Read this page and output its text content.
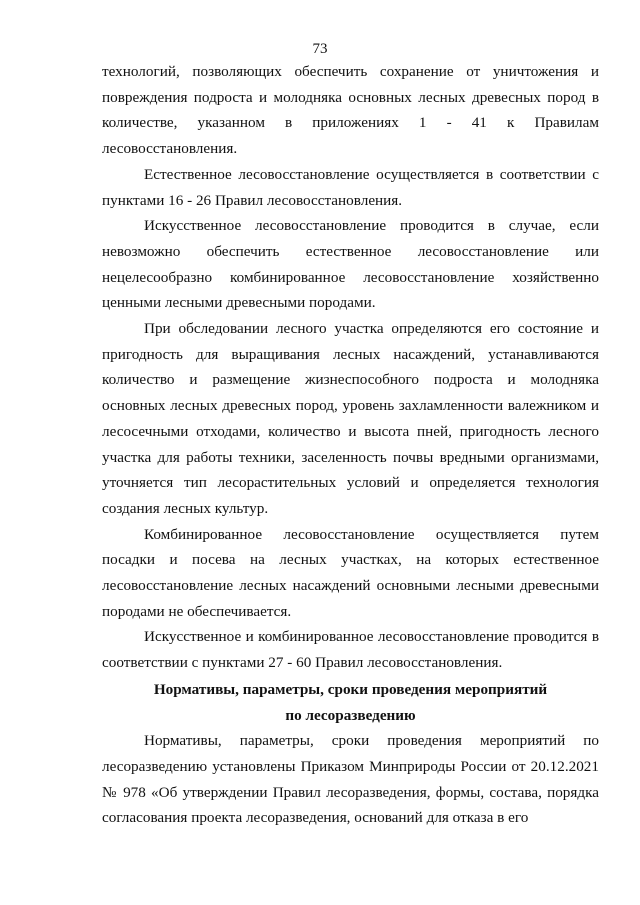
73

технологий, позволяющих обеспечить сохранение от уничтожения и повреждения подроста и молодняка основных лесных древесных пород в количестве, указанном в приложениях 1 - 41 к Правилам лесовосстановления.

Естественное лесовосстановление осуществляется в соответствии с пунктами 16 - 26 Правил лесовосстановления.

Искусственное лесовосстановление проводится в случае, если невозможно обеспечить естественное лесовосстановление или нецелесообразно комбинированное лесовосстановление хозяйственно ценными лесными древесными породами.

При обследовании лесного участка определяются его состояние и пригодность для выращивания лесных насаждений, устанавливаются количество и размещение жизнеспособного подроста и молодняка основных лесных древесных пород, уровень захламленности валежником и лесосечными отходами, количество и высота пней, пригодность лесного участка для работы техники, заселенность почвы вредными организмами, уточняется тип лесорастительных условий и определяется технология создания лесных культур.

Комбинированное лесовосстановление осуществляется путем посадки и посева на лесных участках, на которых естественное лесовосстановление лесных насаждений основными лесными древесными породами не обеспечивается.

Искусственное и комбинированное лесовосстановление проводится в соответствии с пунктами 27 - 60 Правил лесовосстановления.

Нормативы, параметры, сроки проведения мероприятий

по лесоразведению

Нормативы, параметры, сроки проведения мероприятий по лесоразведению установлены Приказом Минприроды России от 20.12.2021 № 978 «Об утверждении Правил лесоразведения, формы, состава, порядка согласования проекта лесоразведения, оснований для отказа в его
